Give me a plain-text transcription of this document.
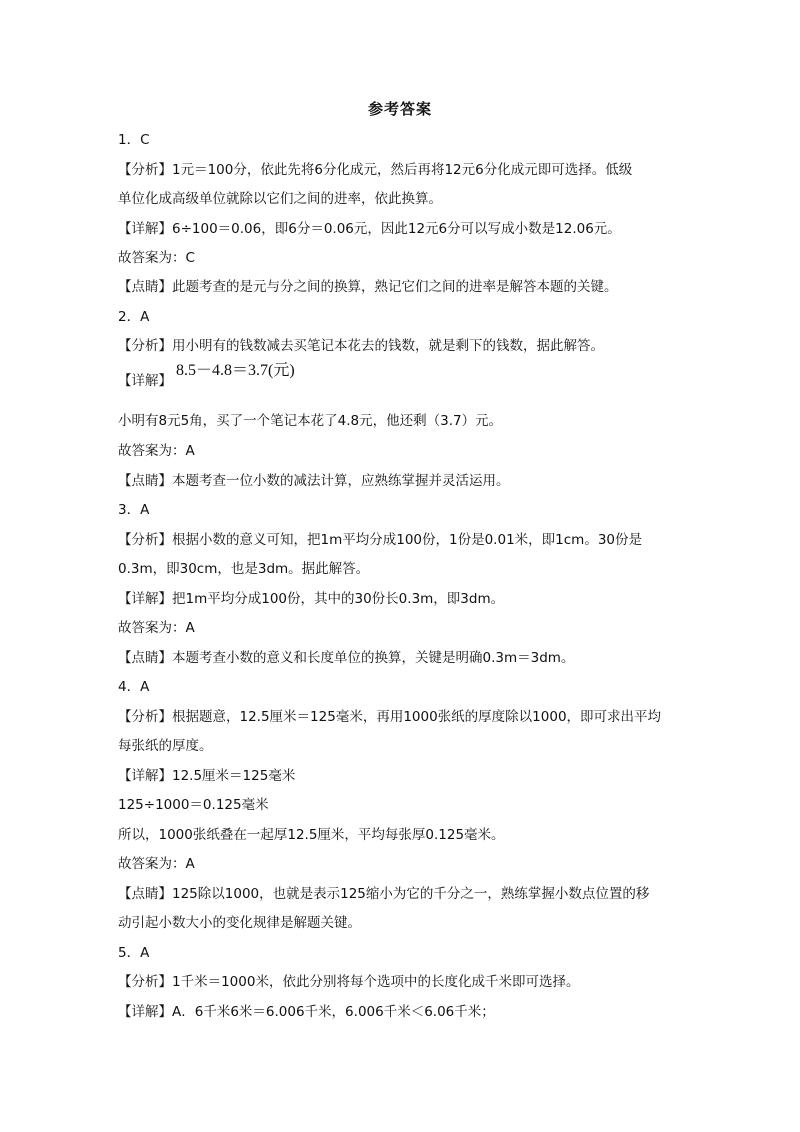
参考答案
1．C
【分析】1元＝100分，依此先将6分化成元，然后再将12元6分化成元即可选择。低级
单位化成高级单位就除以它们之间的进率，依此换算。
【详解】6÷100＝0.06，即6分＝0.06元，因此12元6分可以写成小数是12.06元。
故答案为：C
【点睛】此题考查的是元与分之间的换算，熟记它们之间的进率是解答本题的关键。
2．A
【分析】用小明有的钱数减去买笔记本花去的钱数，就是剩下的钱数，据此解答。
【详解】
8.5－4.8＝3.7(元)
小明有8元5角，买了一个笔记本花了4.8元，他还剩（3.7）元。
故答案为：A
【点睛】本题考查一位小数的减法计算，应熟练掌握并灵活运用。
3．A
【分析】根据小数的意义可知，把1m平均分成100份，1份是0.01米，即1cm。30份是
0.3m，即30cm，也是3dm。据此解答。
【详解】把1m平均分成100份，其中的30份长0.3m，即3dm。
故答案为：A
【点睛】本题考查小数的意义和长度单位的换算，关键是明确0.3m＝3dm。
4．A
【分析】根据题意，12.5厘米＝125毫米，再用1000张纸的厚度除以1000，即可求出平均
每张纸的厚度。
【详解】12.5厘米＝125毫米
125÷1000＝0.125毫米
所以，1000张纸叠在一起厚12.5厘米，平均每张厚0.125毫米。
故答案为：A
【点睛】125除以1000，也就是表示125缩小为它的千分之一，熟练掌握小数点位置的移
动引起小数大小的变化规律是解题关键。
5．A
【分析】1千米＝1000米，依此分别将每个选项中的长度化成千米即可选择。
【详解】A．6千米6米＝6.006千米，6.006千米＜6.06千米；
